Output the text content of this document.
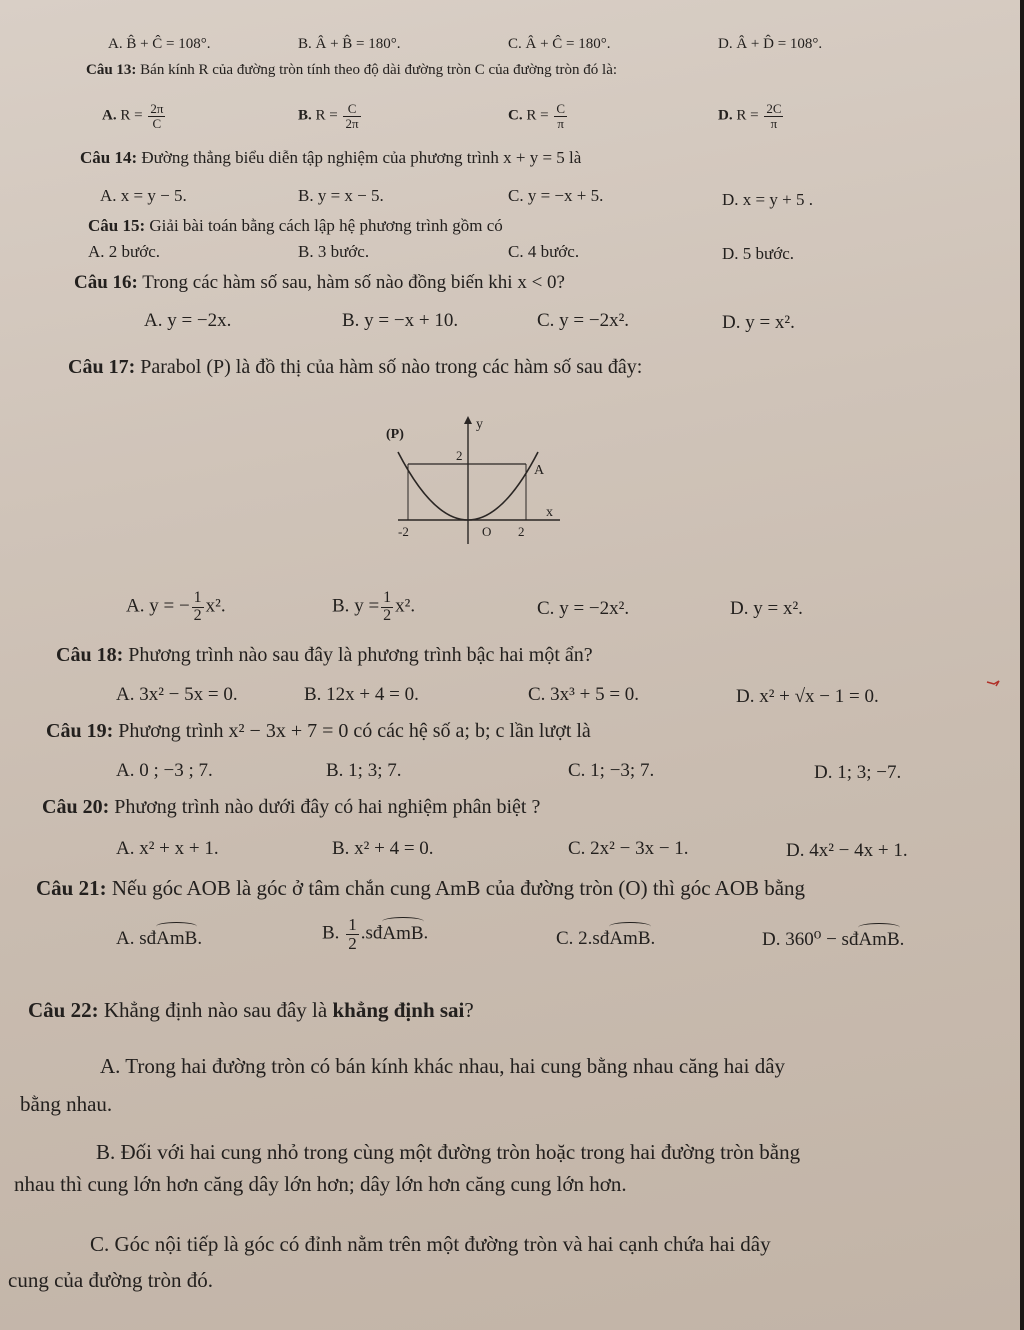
A. B̂ + Ĉ = 108°.	B. Â + B̂ = 180°.	C. Â + Ĉ = 180°.	D. Â + D̂ = 108°.
Câu 13: Bán kính R của đường tròn tính theo độ dài đường tròn C của đường tròn đó là:
A. $R = \frac{2\pi}{C}$	B. $R = \frac{C}{2\pi}$	C. $R = \frac{C}{\pi}$	D. $R = \frac{2C}{\pi}$
Câu 14: Đường thẳng biểu diễn tập nghiệm của phương trình x + y = 5 là
A. x = y − 5.	B. y = x − 5.	C. y = −x + 5.	D. x = y + 5 .
Câu 15: Giải bài toán bằng cách lập hệ phương trình gồm có
A. 2 bước.	B. 3 bước.	C. 4 bước.	D. 5 bước.
Câu 16: Trong các hàm số sau, hàm số nào đồng biến khi x < 0?
A. y = −2x.	B. y = −x + 10.	C. y = −2x².	D. y = x².
Câu 17: Parabol (P) là đồ thị của hàm số nào trong các hàm số sau đây:
(P)
y
2
A
x
-2	O 2
A. y = − $\frac{1}{2} x^2$.	B. $y = \frac{1}{2} x^2$.	C. y = −2x².	D. y = x².
Câu 18: Phương trình nào sau đây là phương trình bậc hai một ẩn?
A. 3x² − 5x = 0.	B. 12x + 4 = 0.	C. 3x³ + 5 = 0.	D. x² + √x − 1 = 0.
Câu 19: Phương trình x² − 3x + 7 = 0 có các hệ số a; b; c lần lượt là
A. 0 ; −3 ; 7.	B. 1; 3; 7.	C. 1; −3; 7.	D. 1; 3; −7.
Câu 20: Phương trình nào dưới đây có hai nghiệm phân biệt ?
A. x² + x + 1.	B. x² + 4 = 0.	C. 2x² − 3x − 1.	D. 4x² − 4x + 1.
Câu 21: Nếu góc AOB là góc ở tâm chắn cung AmB của đường tròn (O) thì góc AOB bằng
A. sđAmB.	B. $\frac{1}{2}$ .sđAmB.	C. 2.sđAmB.	D. 360⁰ − sđAmB.
Câu 22: Khẳng định nào sau đây là khẳng định sai?
A. Trong hai đường tròn có bán kính khác nhau, hai cung bằng nhau căng hai dây
bằng nhau.
B. Đối với hai cung nhỏ trong cùng một đường tròn hoặc trong hai đường tròn bằng
nhau thì cung lớn hơn căng dây lớn hơn; dây lớn hơn căng cung lớn hơn.
C. Góc nội tiếp là góc có đỉnh nằm trên một đường tròn và hai cạnh chứa hai dây
cung của đường tròn đó.
